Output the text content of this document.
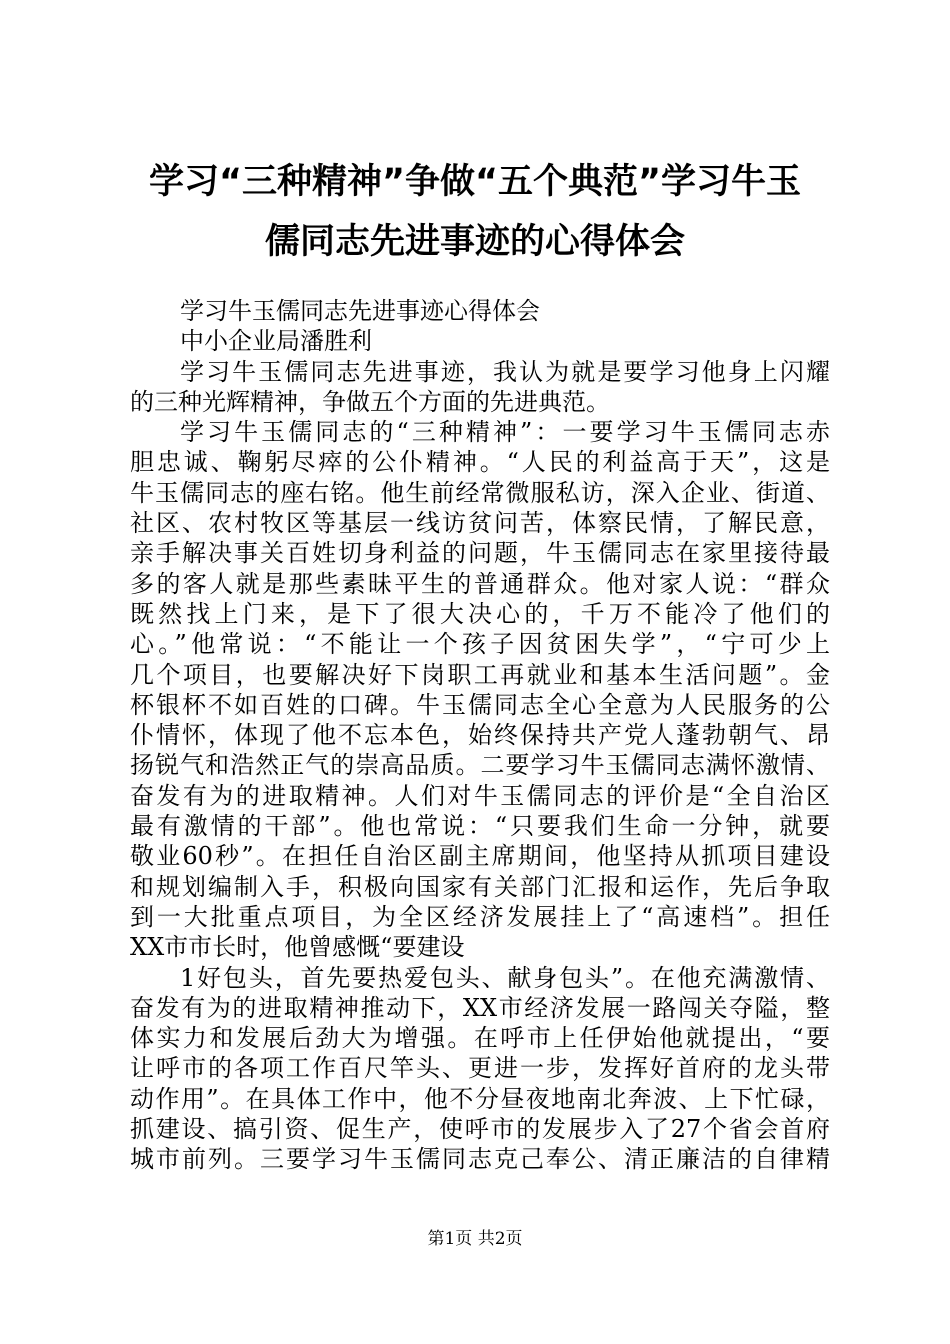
学习“三种精神”争做“五个典范”学习牛玉
儒同志先进事迹的心得体会
学习牛玉儒同志先进事迹心得体会
中小企业局潘胜利
学习牛玉儒同志先进事迹，我认为就是要学习他身上闪耀
的三种光辉精神，争做五个方面的先进典范。
学习牛玉儒同志的“三种精神”：一要学习牛玉儒同志赤
胆忠诚、鞠躬尽瘁的公仆精神。“人民的利益高于天”，这是
牛玉儒同志的座右铭。他生前经常微服私访，深入企业、街道、
社区、农村牧区等基层一线访贫问苦，体察民情，了解民意，
亲手解决事关百姓切身利益的问题，牛玉儒同志在家里接待最
多的客人就是那些素昧平生的普通群众。他对家人说：“群众
既然找上门来，是下了很大决心的，千万不能冷了他们的
心。”他常说：“不能让一个孩子因贫困失学”，“宁可少上
几个项目，也要解决好下岗职工再就业和基本生活问题”。金
杯银杯不如百姓的口碑。牛玉儒同志全心全意为人民服务的公
仆情怀，体现了他不忘本色，始终保持共产党人蓬勃朝气、昂
扬锐气和浩然正气的崇高品质。二要学习牛玉儒同志满怀激情、
奋发有为的进取精神。人们对牛玉儒同志的评价是“全自治区
最有激情的干部”。他也常说：“只要我们生命一分钟，就要
敬业60秒”。在担任自治区副主席期间，他坚持从抓项目建设
和规划编制入手，积极向国家有关部门汇报和运作，先后争取
到一大批重点项目，为全区经济发展挂上了“高速档”。担任
XX市市长时，他曾感慨“要建设
1好包头，首先要热爱包头、献身包头”。在他充满激情、
奋发有为的进取精神推动下，XX市经济发展一路闯关夺隘，整
体实力和发展后劲大为增强。在呼市上任伊始他就提出，“要
让呼市的各项工作百尺竿头、更进一步，发挥好首府的龙头带
动作用”。在具体工作中，他不分昼夜地南北奔波、上下忙碌，
抓建设、搞引资、促生产，使呼市的发展步入了27个省会首府
城市前列。三要学习牛玉儒同志克己奉公、清正廉洁的自律精
第1页 共2页
